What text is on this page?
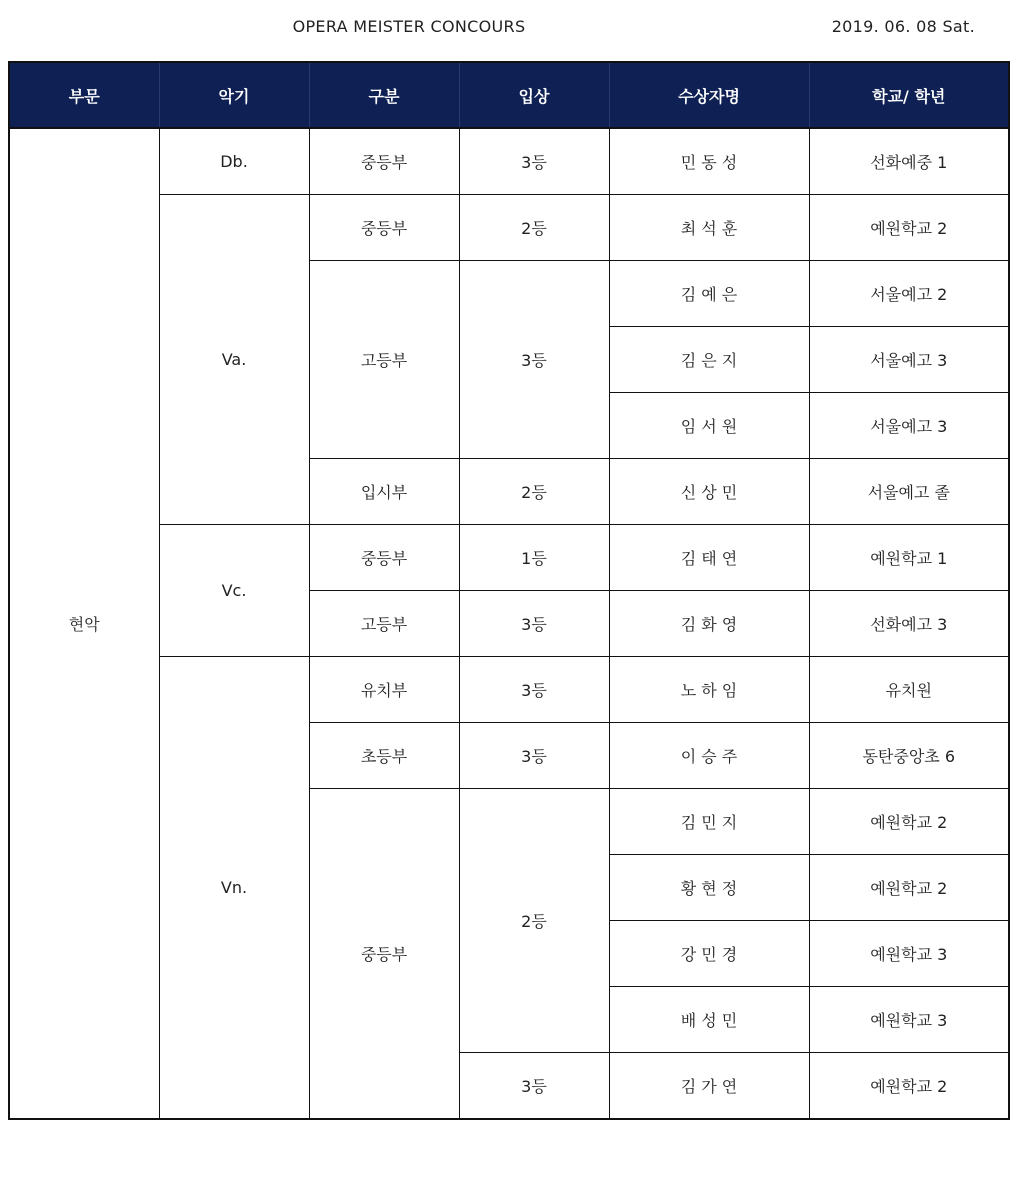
OPERA MEISTER CONCOURS	2019. 06. 08 Sat.
부문	악기	구분	입상	수상자명	학교/ 학년
현악	Db.	중등부	3등	민 동 성	선화예중 1
	Va.	중등부	2등	최 석 훈	예원학교 2
		고등부	3등	김 예 은	서울예고 2
				김 은 지	서울예고 3
				임 서 원	서울예고 3
		입시부	2등	신 상 민	서울예고 졸
	Vc.	중등부	1등	김 태 연	예원학교 1
		고등부	3등	김 화 영	선화예고 3
	Vn.	유치부	3등	노 하 임	유치원
		초등부	3등	이 승 주	동탄중앙초 6
		중등부	2등	김 민 지	예원학교 2
				황 현 정	예원학교 2
				강 민 경	예원학교 3
				배 성 민	예원학교 3
			3등	김 가 연	예원학교 2
